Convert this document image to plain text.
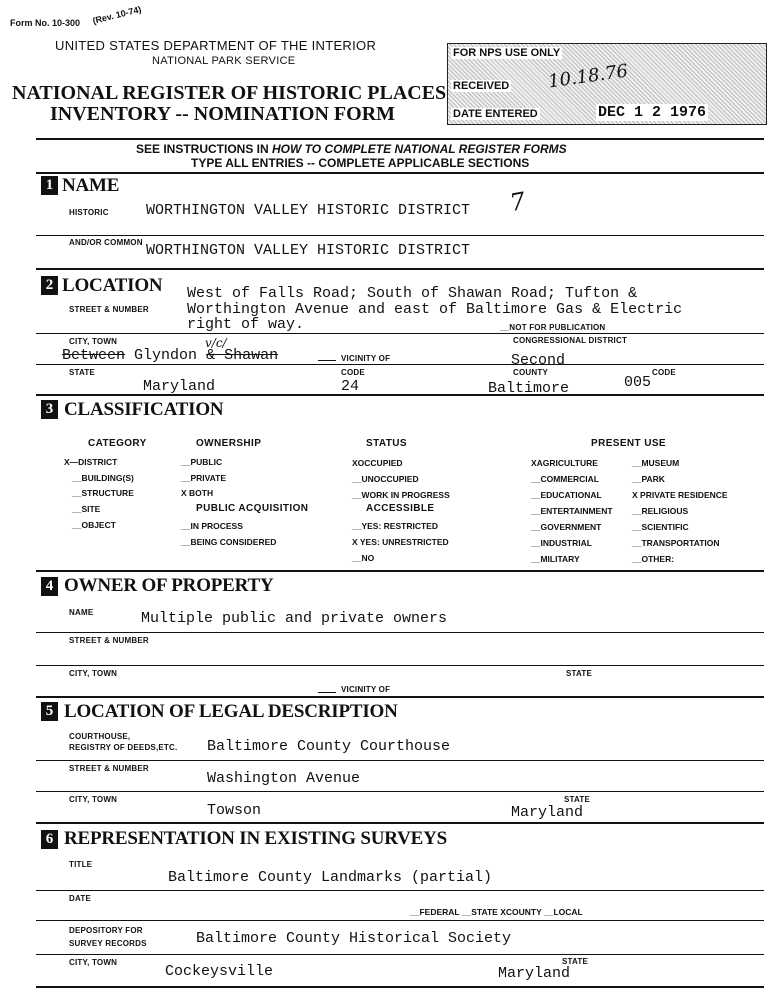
Form No. 10-300 (Rev. 10-74)
UNITED STATES DEPARTMENT OF THE INTERIOR
NATIONAL PARK SERVICE
NATIONAL REGISTER OF HISTORIC PLACES
INVENTORY -- NOMINATION FORM
FOR NPS USE ONLY
RECEIVED 10.18.76
DATE ENTERED	DEC 1 2 1976
SEE INSTRUCTIONS IN HOW TO COMPLETE NATIONAL REGISTER FORMS
TYPE ALL ENTRIES -- COMPLETE APPLICABLE SECTIONS
1 NAME
HISTORIC WORTHINGTON VALLEY HISTORIC DISTRICT 7
AND/OR COMMON WORTHINGTON VALLEY HISTORIC DISTRICT
2 LOCATION
STREET & NUMBER
West of Falls Road; South of Shawan Road; Tufton &
Worthington Avenue and east of Baltimore Gas & Electric
right of way.	__NOT FOR PUBLICATION
CITY, TOWN	CONGRESSIONAL DISTRICT
Between Glyndon & Shawan
v/c/
VICINITY OF	Second
STATE	CODE	COUNTY	CODE
Maryland	24	Baltimore	005
3 CLASSIFICATION
CATEGORY
X—DISTRICT
__BUILDING(S)
__STRUCTURE
__SITE
__OBJECT
OWNERSHIP
__PUBLIC
__PRIVATE
X BOTH
PUBLIC ACQUISITION
__IN PROCESS
__BEING CONSIDERED
STATUS
XOCCUPIED
__UNOCCUPIED
__WORK IN PROGRESS
ACCESSIBLE
__YES: RESTRICTED
X YES: UNRESTRICTED
__NO
PRESENT USE
XAGRICULTURE
__COMMERCIAL
__EDUCATIONAL
__ENTERTAINMENT
__GOVERNMENT
__INDUSTRIAL
__MILITARY
__MUSEUM
__PARK
X PRIVATE RESIDENCE
__RELIGIOUS
__SCIENTIFIC
__TRANSPORTATION
__OTHER:
4 OWNER OF PROPERTY
NAME	Multiple public and private owners
STREET & NUMBER
CITY, TOWN	STATE
VICINITY OF
5 LOCATION OF LEGAL DESCRIPTION
COURTHOUSE,
REGISTRY OF DEEDS,ETC. Baltimore County Courthouse
STREET & NUMBER
Washington Avenue
CITY, TOWN	STATE
Towson	Maryland
6 REPRESENTATION IN EXISTING SURVEYS
TITLE
Baltimore County Landmarks (partial)
DATE
__FEDERAL __STATE XCOUNTY __LOCAL
DEPOSITORY FOR
SURVEY RECORDS	Baltimore County Historical Society
CITY, TOWN	STATE
Cockeysville	Maryland
